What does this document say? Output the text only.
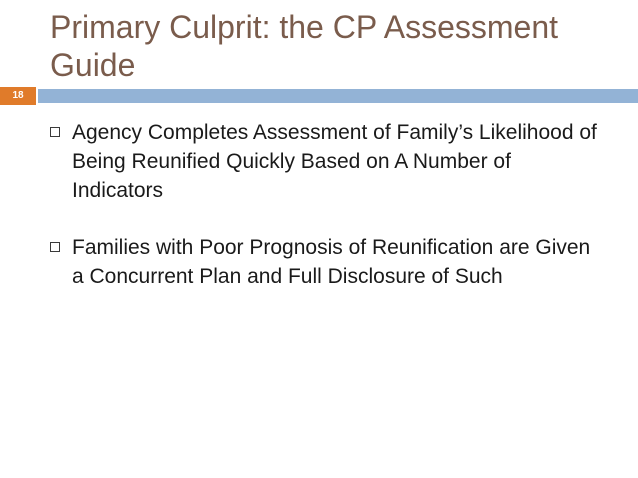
Primary Culprit: the CP Assessment Guide
18
Agency Completes Assessment of Family’s Likelihood of Being Reunified Quickly Based on A Number of Indicators
Families with Poor Prognosis of Reunification are Given a Concurrent Plan and Full Disclosure of Such
